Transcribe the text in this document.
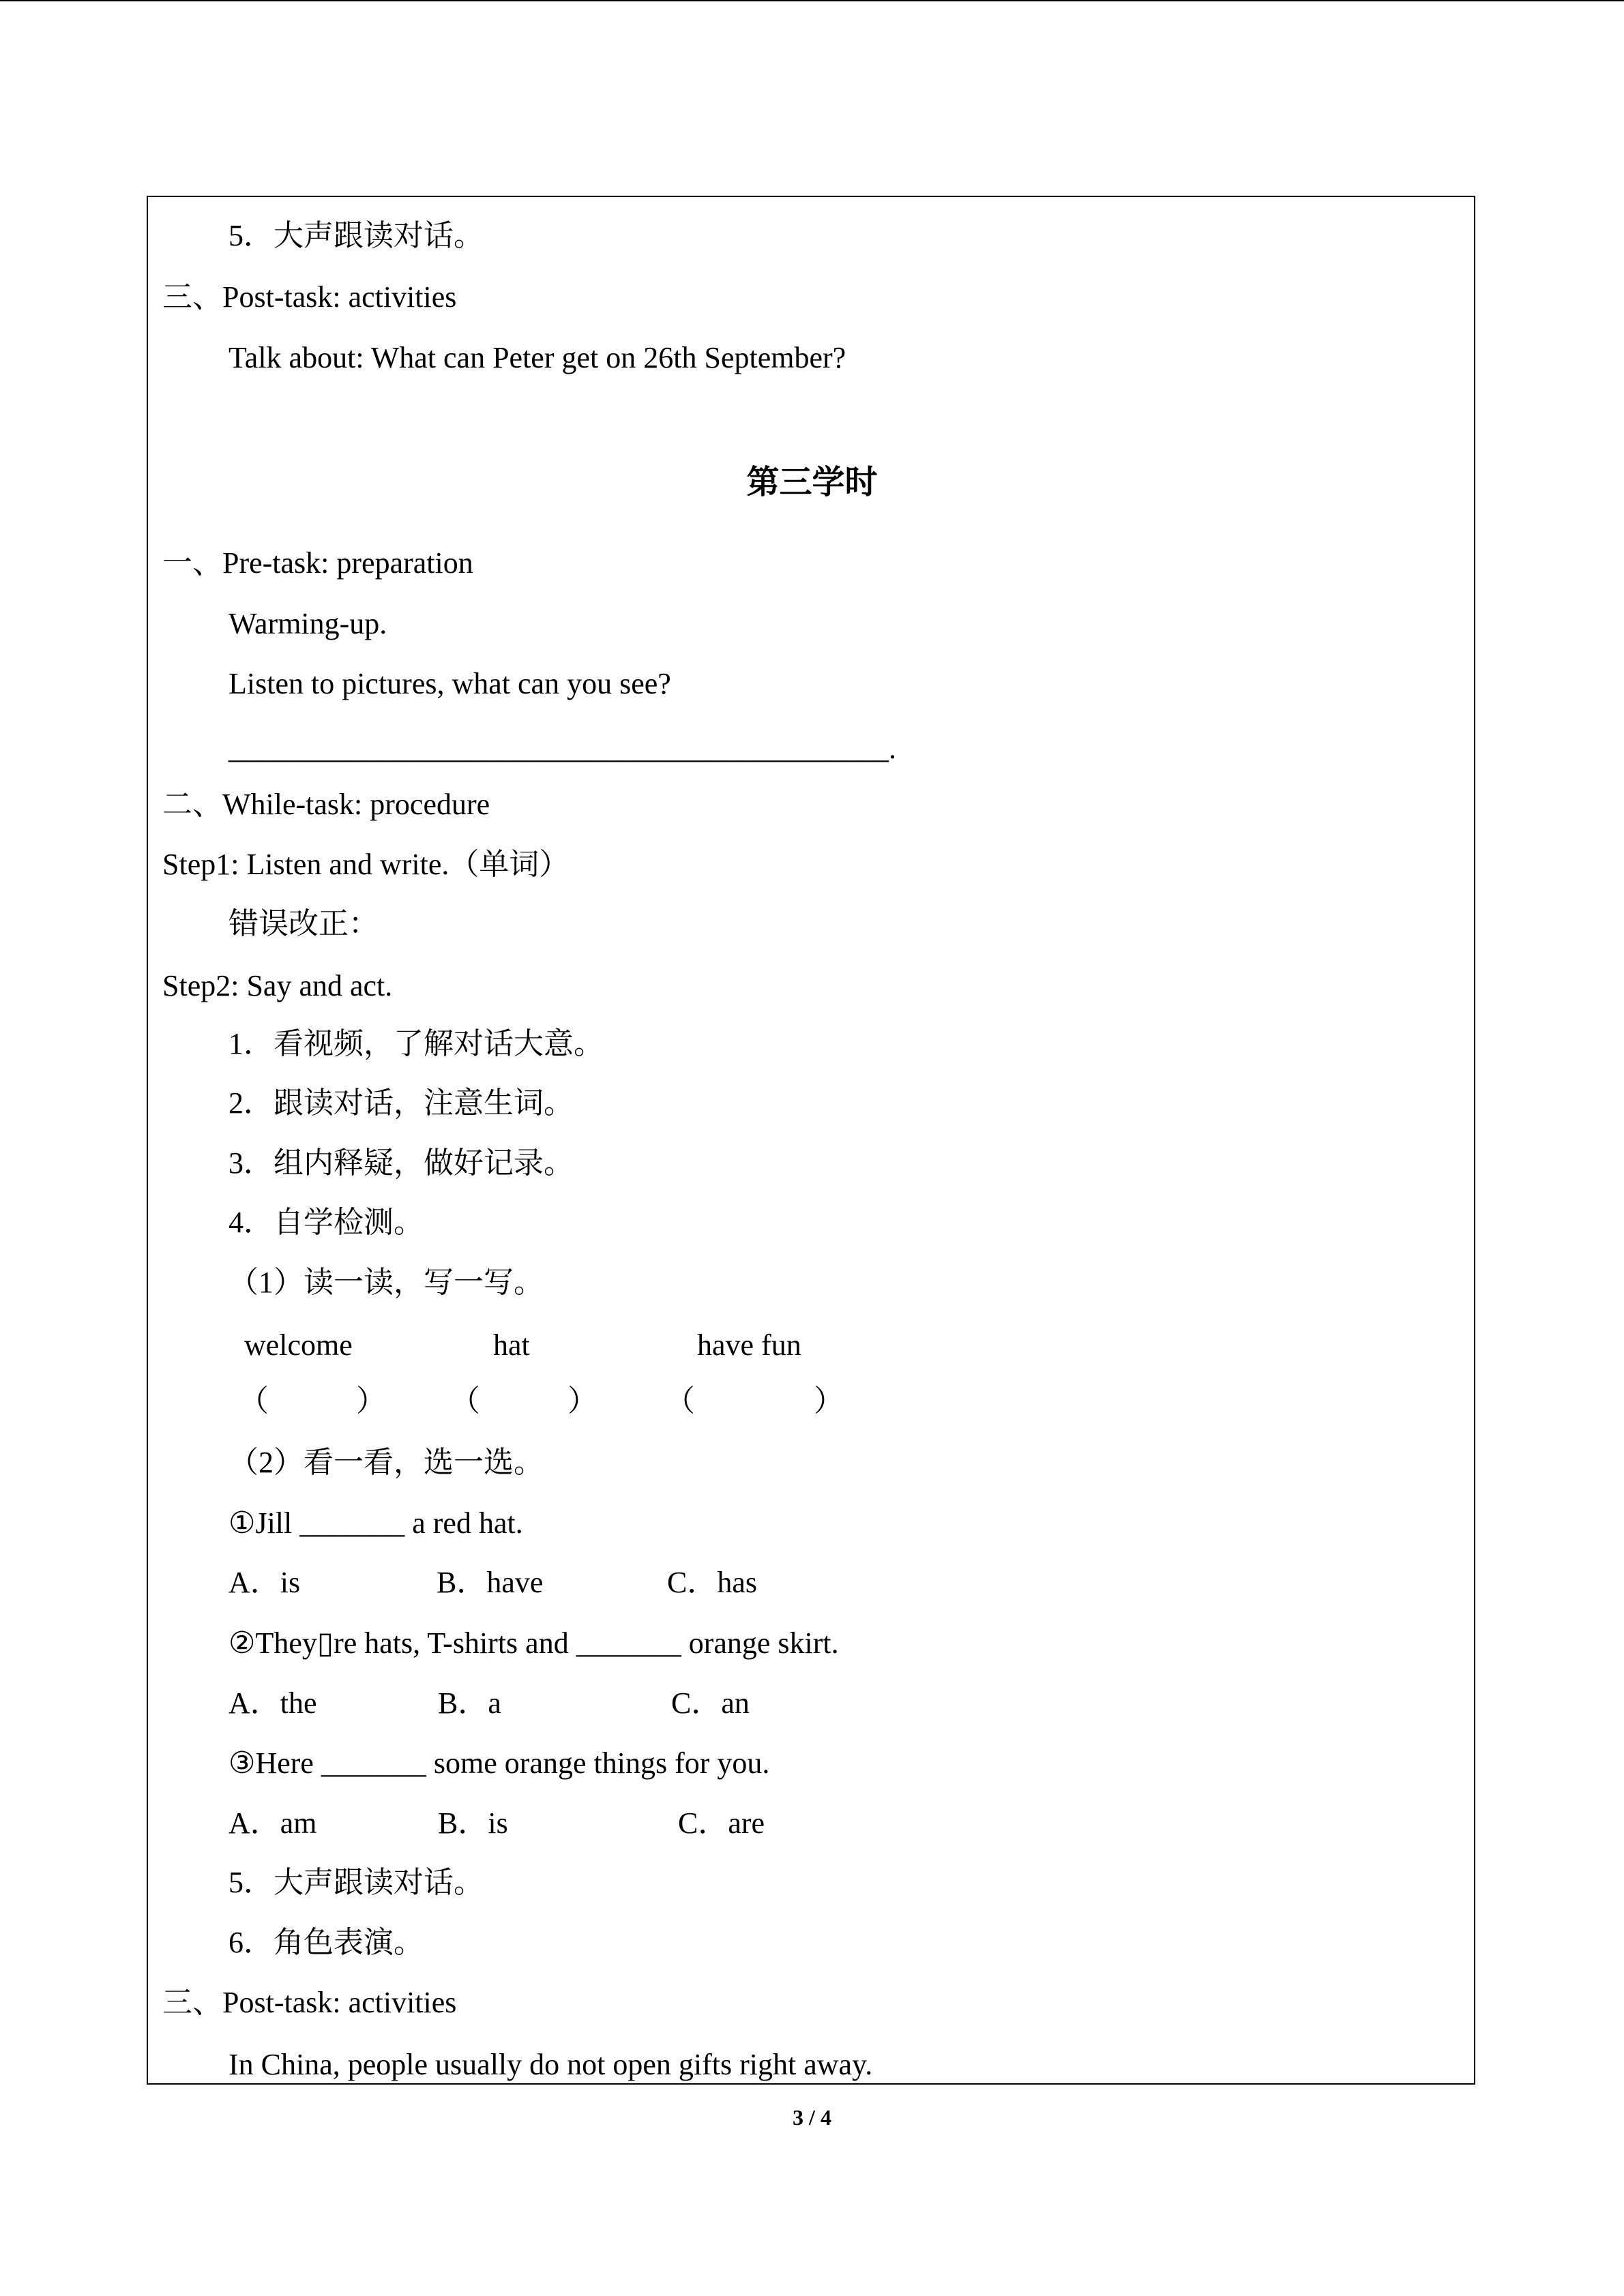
5．大声跟读对话。
三、Post-task: activities
Talk about: What can Peter get on 26th September?
第三学时
一、Pre-task: preparation
Warming-up.
Listen to pictures, what can you see?
____________________________________________.
二、While-task: procedure
Step1: Listen and write.（单词）
错误改正：
Step2: Say and act.
1．看视频，了解对话大意。
2．跟读对话，注意生词。
3．组内释疑，做好记录。
4．自学检测。
（1）读一读，写一写。
welcome	hat	have fun
（	） （	） （	）
（2）看一看，选一选。
①Jill _______ a red hat.
A．is	B．have	C．has
②They▯re hats, T-shirts and _______ orange skirt.
A．the	B．a	C．an
③Here _______ some orange things for you.
A．am	B．is	C．are
5．大声跟读对话。
6．角色表演。
三、Post-task: activities
In China, people usually do not open gifts right away.
3 / 4
